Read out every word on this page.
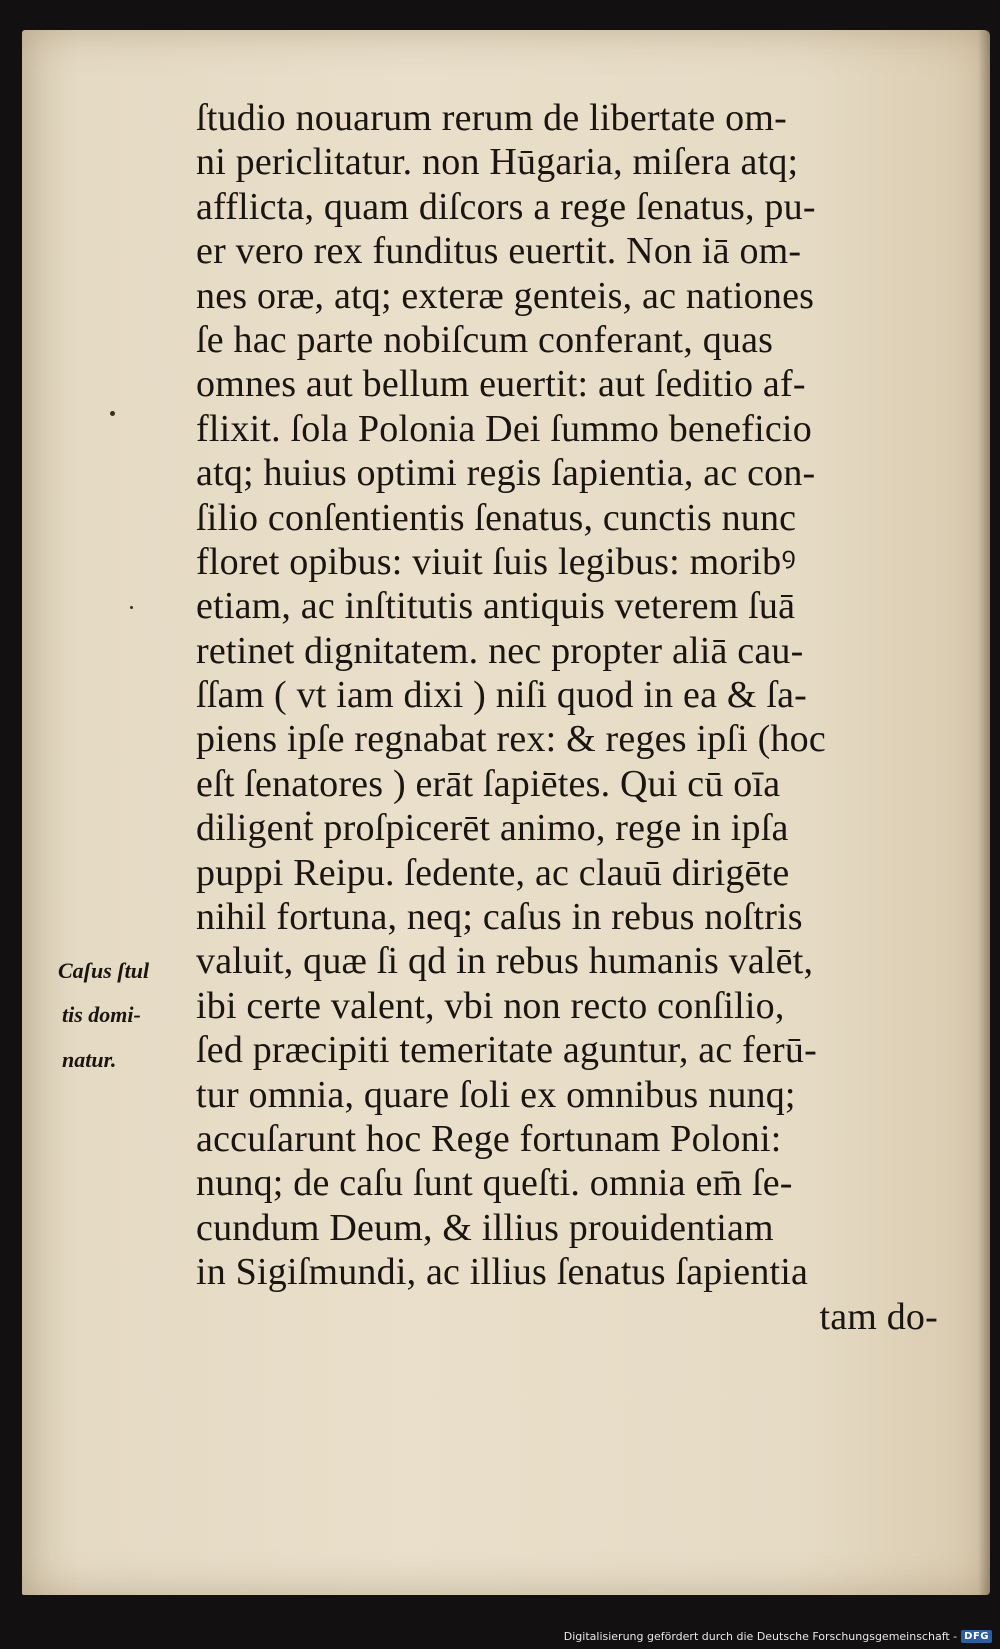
ſtudio nouarum rerum de libertate om-
ni periclitatur. non Hūgaria, miſera atq;
afflicta, quam diſcors a rege ſenatus, pu-
er vero rex funditus euertit. Non iā om-
nes oræ, atq; exteræ genteis, ac nationes
ſe hac parte nobiſcum conferant, quas
omnes aut bellum euertit: aut ſeditio af-
flixit. ſola Polonia Dei ſummo beneficio
atq; huius optimi regis ſapientia, ac con-
ſilio conſentientis ſenatus, cunctis nunc
floret opibus: viuit ſuis legibus: moribꝰ
etiam, ac inſtitutis antiquis veterem ſuā
retinet dignitatem. nec propter aliā cau-
ſſam ( vt iam dixi ) niſi quod in ea & ſa-
piens ipſe regnabat rex: & reges ipſi (hoc
eſt ſenatores ) erāt ſapiētes. Qui cū oīa
diligenṫ proſpicerēt animo, rege in ipſa
puppi Reipu. ſedente, ac clauū dirigēte
nihil fortuna, neq; caſus in rebus noſtris
valuit, quæ ſi qd in rebus humanis valēt,
ibi certe valent, vbi non recto conſilio,
ſed præcipiti temeritate aguntur, ac ferū-
tur omnia, quare ſoli ex omnibus nunq;
accuſarunt hoc Rege fortunam Poloni:
nunq; de caſu ſunt queſti. omnia em̄ ſe-
cundum Deum, & illius prouidentiam
in Sigiſmundi, ac illius ſenatus ſapientia
tam do-
Caſus ſtul
tis domi-
natur.
Digitalisierung gefördert durch die Deutsche Forschungsgemeinschaft - DFG
